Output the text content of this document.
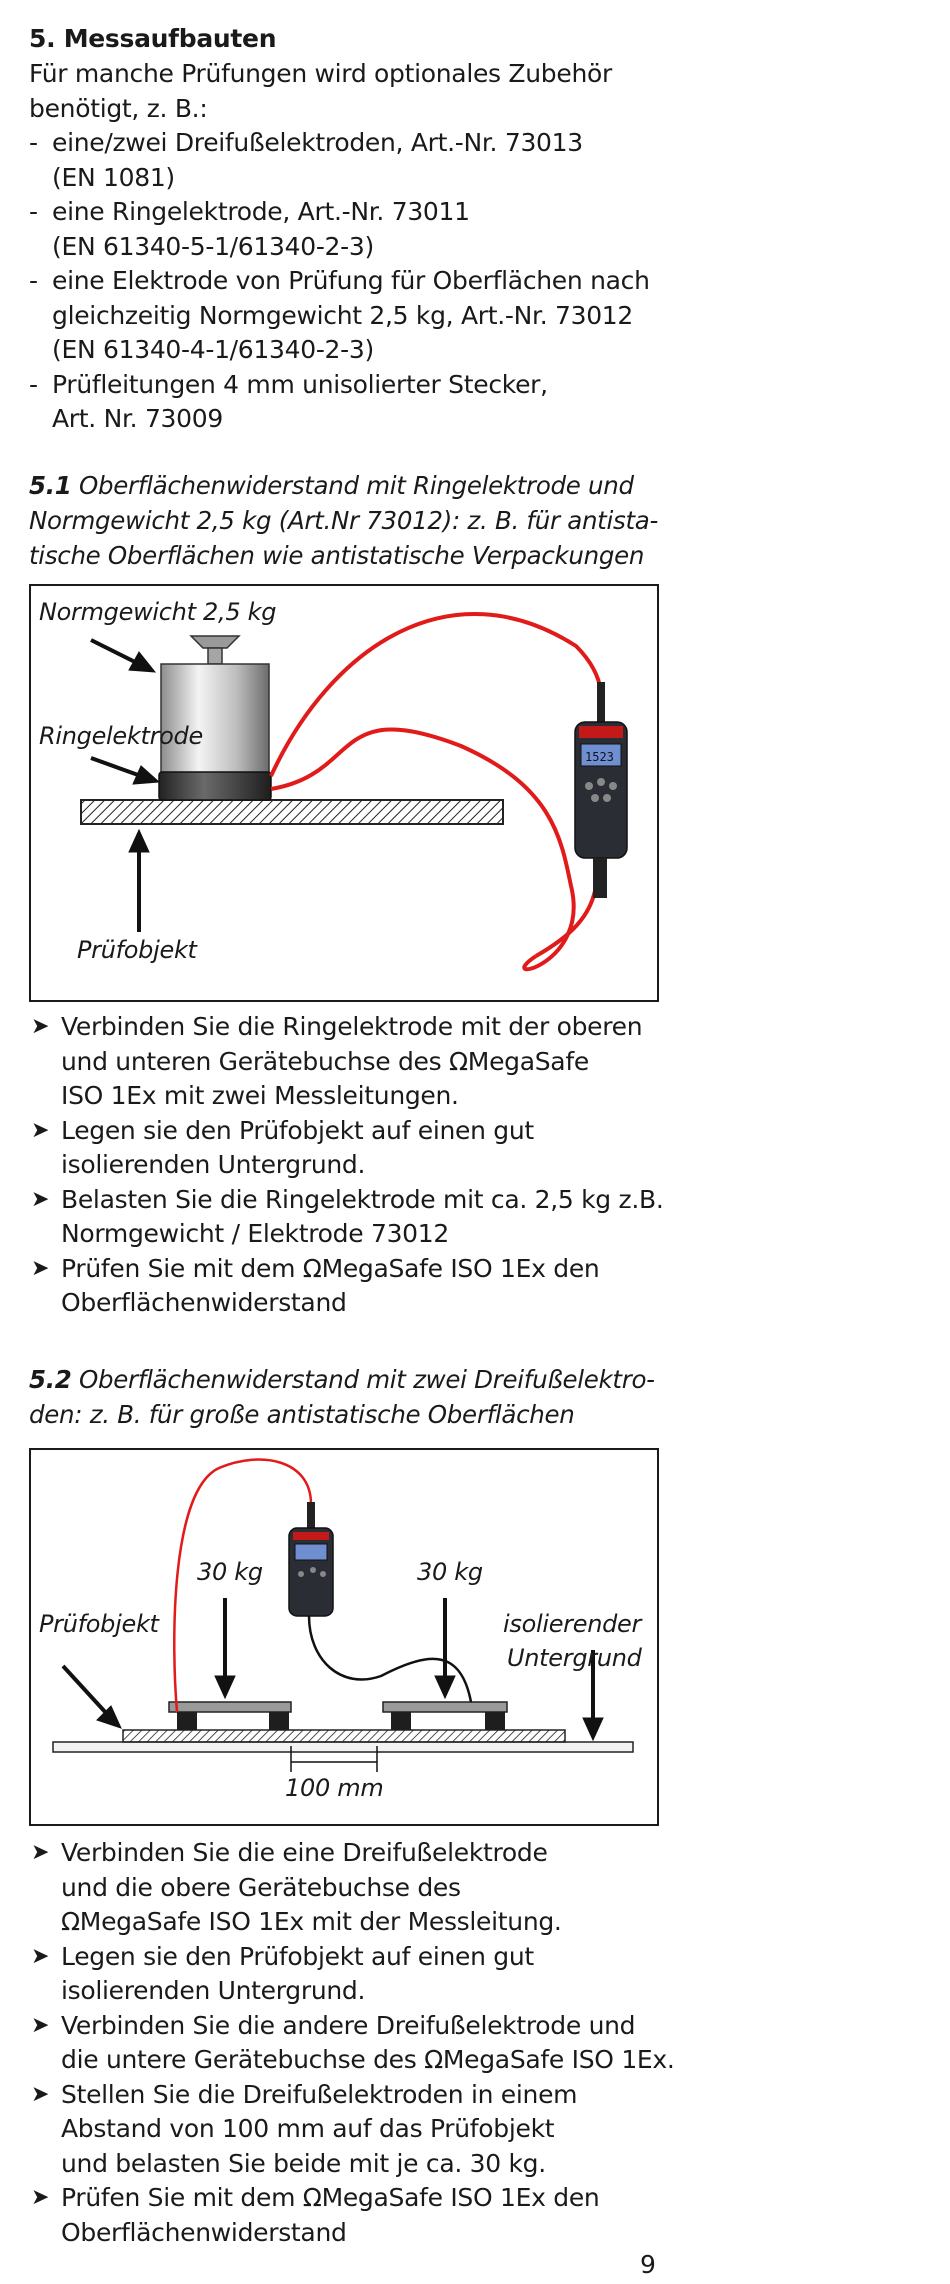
5. Messaufbauten

Für manche Prüfungen wird optionales Zubehör
benötigt, z. B.:

- eine/zwei Dreifußelektroden, Art.-Nr. 73013
(EN 1081)
- eine Ringelektrode, Art.-Nr. 73011
(EN 61340-5-1/61340-2-3)
- eine Elektrode von Prüfung für Oberflächen nach
gleichzeitig Normgewicht 2,5 kg, Art.-Nr. 73012
(EN 61340-4-1/61340-2-3)
- Prüfleitungen 4 mm unisolierter Stecker,
Art. Nr. 73009

5.1 Oberflächenwiderstand mit Ringelektrode und
Normgewicht 2,5 kg (Art.Nr 73012): z. B. für antista-
tische Oberflächen wie antistatische Verpackungen

1523
Normgewicht 2,5 kg
Ringelektrode
Prüfobjekt
➤ Verbinden Sie die Ringelektrode mit der oberen
und unteren Gerätebuchse des ΩMegaSafe
ISO 1Ex mit zwei Messleitungen.
➤ Legen sie den Prüfobjekt auf einen gut
isolierenden Untergrund.
➤ Belasten Sie die Ringelektrode mit ca. 2,5 kg z.B.
Normgewicht / Elektrode 73012
➤ Prüfen Sie mit dem ΩMegaSafe ISO 1Ex den
Oberflächenwiderstand

5.2 Oberflächenwiderstand mit zwei Dreifußelektro-
den: z. B. für große antistatische Oberflächen

30 kg	30 kg
Prüfobjekt	isolierender
Untergrund
100 mm
➤ Verbinden Sie die eine Dreifußelektrode
und die obere Gerätebuchse des
ΩMegaSafe ISO 1Ex mit der Messleitung.
➤ Legen sie den Prüfobjekt auf einen gut
isolierenden Untergrund.
➤ Verbinden Sie die andere Dreifußelektrode und
die untere Gerätebuchse des ΩMegaSafe ISO 1Ex.
➤ Stellen Sie die Dreifußelektroden in einem
Abstand von 100 mm auf das Prüfobjekt
und belasten Sie beide mit je ca. 30 kg.
➤ Prüfen Sie mit dem ΩMegaSafe ISO 1Ex den
Oberflächenwiderstand
9
